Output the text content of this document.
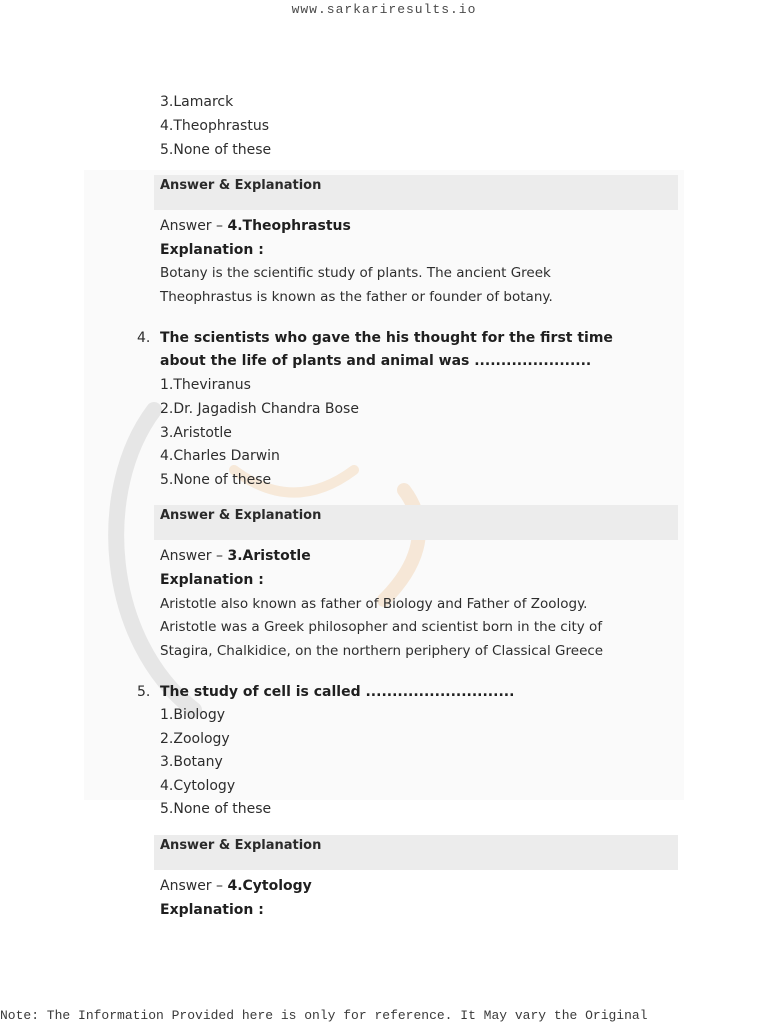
www.sarkariresults.io
3.Lamarck
4.Theophrastus
5.None of these
Answer & Explanation
Answer – 4.Theophrastus
Explanation :
Botany is the scientific study of plants. The ancient Greek
Theophrastus is known as the father or founder of botany.
4. The scientists who gave the his thought for the first time
about the life of plants and animal was ......................
1.Theviranus
2.Dr. Jagadish Chandra Bose
3.Aristotle
4.Charles Darwin
5.None of these
Answer & Explanation
Answer – 3.Aristotle
Explanation :
Aristotle also known as father of Biology and Father of Zoology.
Aristotle was a Greek philosopher and scientist born in the city of
Stagira, Chalkidice, on the northern periphery of Classical Greece
5. The study of cell is called ............................
1.Biology
2.Zoology
3.Botany
4.Cytology
5.None of these
Answer & Explanation
Answer – 4.Cytology
Explanation :
Note: The Information Provided here is only for reference. It May vary the Original
